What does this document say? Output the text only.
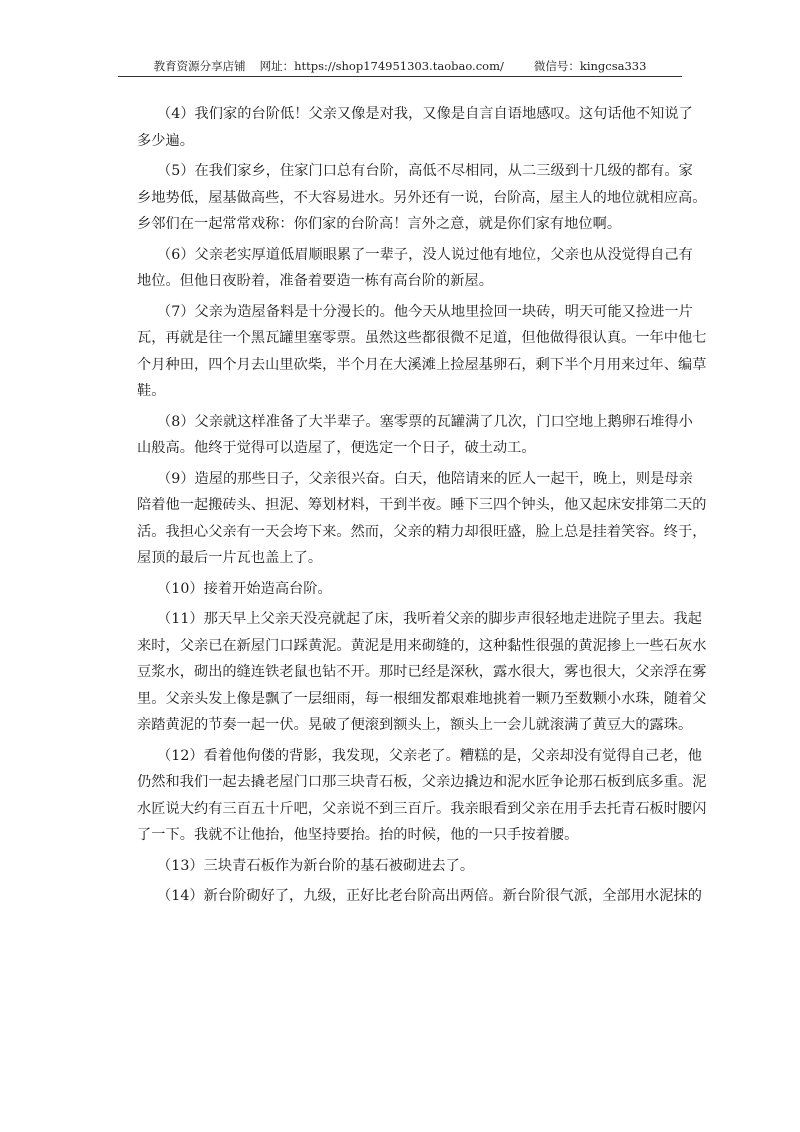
教育资源分享店铺 网址：https://shop174951303.taobao.com/	微信号：kingcsa333
（4）我们家的台阶低！父亲又像是对我，又像是自言自语地感叹。这句话他不知说了
多少遍。
（5）在我们家乡，住家门口总有台阶，高低不尽相同，从二三级到十几级的都有。家
乡地势低，屋基做高些，不大容易进水。另外还有一说，台阶高，屋主人的地位就相应高。
乡邻们在一起常常戏称：你们家的台阶高！言外之意，就是你们家有地位啊。
（6）父亲老实厚道低眉顺眼累了一辈子，没人说过他有地位，父亲也从没觉得自己有
地位。但他日夜盼着，准备着要造一栋有高台阶的新屋。
（7）父亲为造屋备料是十分漫长的。他今天从地里捡回一块砖，明天可能又捡进一片
瓦，再就是往一个黑瓦罐里塞零票。虽然这些都很微不足道，但他做得很认真。一年中他七
个月种田，四个月去山里砍柴，半个月在大溪滩上捡屋基卵石，剩下半个月用来过年、编草
鞋。
（8）父亲就这样准备了大半辈子。塞零票的瓦罐满了几次，门口空地上鹅卵石堆得小
山般高。他终于觉得可以造屋了，便选定一个日子，破土动工。
（9）造屋的那些日子，父亲很兴奋。白天，他陪请来的匠人一起干，晚上，则是母亲
陪着他一起搬砖头、担泥、筹划材料，干到半夜。睡下三四个钟头，他又起床安排第二天的
活。我担心父亲有一天会垮下来。然而，父亲的精力却很旺盛，脸上总是挂着笑容。终于，
屋顶的最后一片瓦也盖上了。
（10）接着开始造高台阶。
（11）那天早上父亲天没亮就起了床，我听着父亲的脚步声很轻地走进院子里去。我起
来时，父亲已在新屋门口踩黄泥。黄泥是用来砌缝的，这种黏性很强的黄泥掺上一些石灰水
豆浆水，砌出的缝连铁老鼠也钻不开。那时已经是深秋，露水很大，雾也很大，父亲浮在雾
里。父亲头发上像是飘了一层细雨，每一根细发都艰难地挑着一颗乃至数颗小水珠，随着父
亲踏黄泥的节奏一起一伏。晃破了便滚到额头上，额头上一会儿就滚满了黄豆大的露珠。
（12）看着他佝偻的背影，我发现，父亲老了。糟糕的是，父亲却没有觉得自己老，他
仍然和我们一起去撬老屋门口那三块青石板，父亲边撬边和泥水匠争论那石板到底多重。泥
水匠说大约有三百五十斤吧，父亲说不到三百斤。我亲眼看到父亲在用手去托青石板时腰闪
了一下。我就不让他抬，他坚持要抬。抬的时候，他的一只手按着腰。
（13）三块青石板作为新台阶的基石被砌进去了。
（14）新台阶砌好了，九级，正好比老台阶高出两倍。新台阶很气派，全部用水泥抹的
